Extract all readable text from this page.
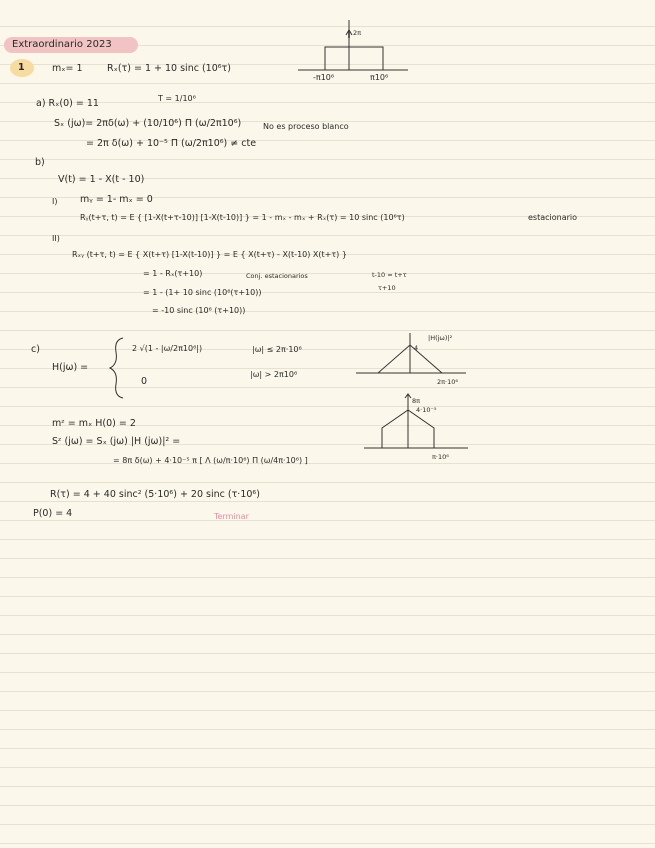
Extraordinario 2023
1
2π
-π10⁶	π10⁶
mₓ= 1	Rₓ(τ) = 1 + 10 sinc (10⁶τ)
a) Rₓ(0) = 11	T = 1/10⁶
Sₓ (jω)= 2πδ(ω) + (10/10⁶) Π (ω/2π10⁶)	No es proceso blanco
= 2π δ(ω) + 10⁻⁵ Π (ω/2π10⁶) ≠ cte
b)
V(t) = 1 - X(t - 10)
I) mᵧ = 1- mₓ = 0
Rᵧ(t+τ, t) = E { [1-X(t+τ-10)] [1-X(t-10)] } = 1 - mₓ - mₓ + Rₓ(τ) = 10 sinc (10⁶τ)	estacionario
II)
Rₓᵧ (t+τ, t) = E { X(t+τ) [1-X(t-10)] } = E { X(t+τ) - X(t-10) X(t+τ) }
= 1 - Rₓ(τ+10)	Conj. estacionarios	t-10 = t+τ
τ+10
= 1 - (1+ 10 sinc (10⁶(τ+10))
= -10 sinc (10⁶ (τ+10))
c)
H(jω) =
2 √(1 - |ω/2π10⁶|)	|ω| ≤ 2π·10⁶
0
|ω| > 2π10⁶
|H(jω)|²
4
2π·10⁶
mᶻ = mₓ H(0) = 2
Sᶻ (jω) = Sₓ (jω) |H (jω)|² =
= 8π δ(ω) + 4·10⁻⁵ π [ Λ (ω/π·10⁶) Π (ω/4π·10⁶) ]
8π
4·10⁻⁵
π·10⁶
R(τ) = 4 + 40 sinc² (5·10⁶) + 20 sinc (τ·10⁶)
P(0) = 4	Terminar
